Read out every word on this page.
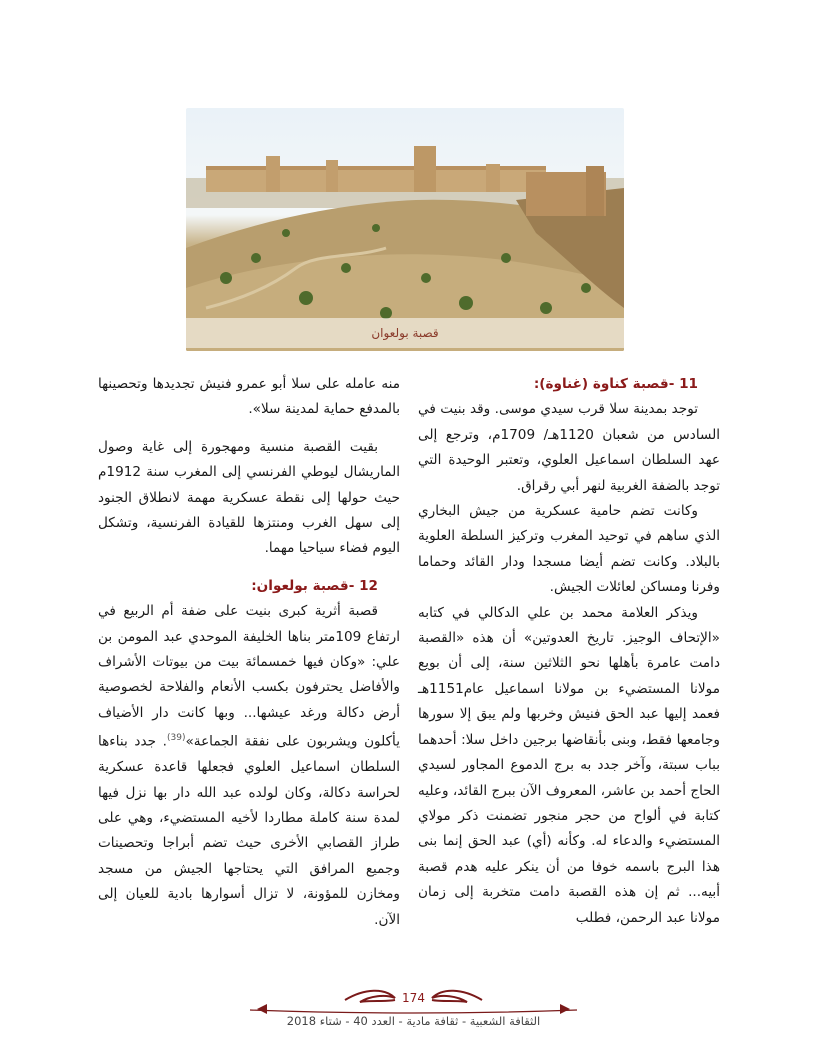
قصبة بولعوان

11 -قصبة كناوة (غناوة):

توجد بمدينة سلا قرب سيدي موسى. وقد بنيت في السادس من شعبان 1120هـ/ 1709م، وترجع إلى عهد السلطان اسماعيل العلوي، وتعتبر الوحيدة التي توجد بالضفة الغربية لنهر أبي رقراق.

وكانت تضم حامية عسكرية من جيش البخاري الذي ساهم في توحيد المغرب وتركيز السلطة العلوية بالبلاد. وكانت تضم أيضا مسجدا ودار القائد وحماما وفرنا ومساكن لعائلات الجيش.

ويذكر العلامة محمد بن علي الدكالي في كتابه «الإتحاف الوجيز. تاريخ العدوتين» أن هذه «القصبة دامت عامرة بأهلها نحو الثلاثين سنة، إلى أن بويع مولانا المستضيء بن مولانا اسماعيل عام1151هـ فعمد إليها عبد الحق فنيش وخربها ولم يبق إلا سورها وجامعها فقط، وبنى بأنقاضها برجين داخل سلا: أحدهما بباب سبتة، وآخر جدد به برج الدموع المجاور لسيدي الحاج أحمد بن عاشر، المعروف الآن ببرج القائد، وعليه كتابة في ألواح من حجر منجور تضمنت ذكر مولاي المستضيء والدعاء له. وكأنه (أي) عبد الحق إنما بنى هذا البرج باسمه خوفا من أن ينكر عليه هدم قصبة أبيه... ثم إن هذه القصبة دامت متخربة إلى زمان مولانا عبد الرحمن، فطلب

منه عامله على سلا أبو عمرو فنيش تجديدها وتحصينها بالمدفع حماية لمدينة سلا».

بقيت القصبة منسية ومهجورة إلى غاية وصول الماريشال ليوطي الفرنسي إلى المغرب سنة 1912م حيث حولها إلى نقطة عسكرية مهمة لانطلاق الجنود إلى سهل الغرب ومنتزها للقيادة الفرنسية، وتشكل اليوم فضاء سياحيا مهما.

12 -قصبة بولعوان:

قصبة أثرية كبرى بنيت على ضفة أم الربيع في ارتفاع 109متر بناها الخليفة الموحدي عبد المومن بن علي: «وكان فيها خمسمائة بيت من بيوتات الأشراف والأفاضل يحترفون بكسب الأنعام والفلاحة لخصوصية أرض دكالة ورغد عيشها... وبها كانت دار الأضياف يأكلون ويشربون على نفقة الجماعة»$^{(39)}$. جدد بناءها السلطان اسماعيل العلوي فجعلها قاعدة عسكرية لحراسة دكالة، وكان لولده عبد الله دار بها نزل فيها لمدة سنة كاملة مطاردا لأخيه المستضيء، وهي على طراز القصابي الأخرى حيث تضم أبراجا وتحصينات وجميع المرافق التي يحتاجها الجيش من مسجد ومخازن للمؤونة، لا تزال أسوارها بادية للعيان إلى الآن.

174
الثقافة الشعبية - ثقافة مادية - العدد 40 - شتاء 2018
